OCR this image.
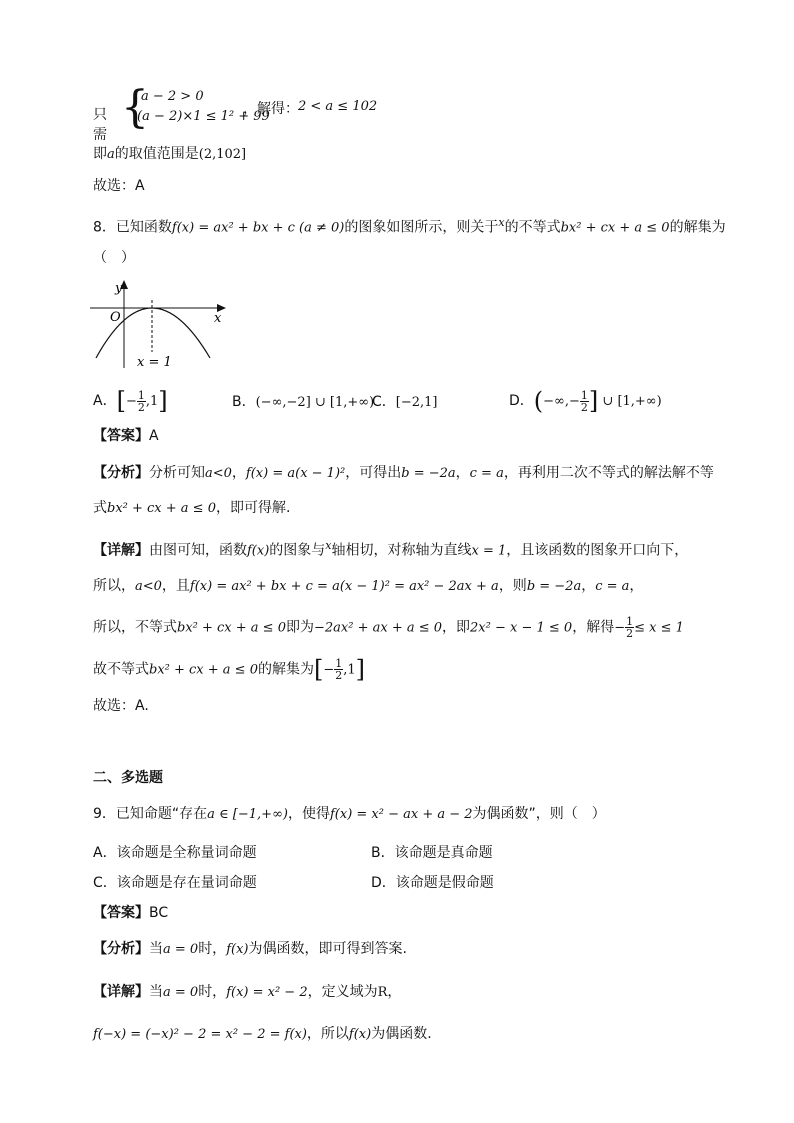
只需
{
a − 2 > 0
(a − 2)×1 ≤ 1² + 99
，解得： 2 < a ≤ 102
即a的取值范围是(2,102]
故选：A
8．已知函数f(x) = ax² + bx + c (a ≠ 0)的图象如图所示，则关于$^x$的不等式bx² + cx + a ≤ 0的解集为
（　）
y
x
O
x = 1
A．[− $\frac{1}{2} ,1$]	B．(−∞,−2] ∪ [1,+∞)
C．[−2,1]	D．(−∞,− $\frac{1}{2}$ ] ∪ [1,+∞)
【答案】A
【分析】分析可知a<0，f(x) = a(x − 1)²，可得出b = −2a，c = a，再利用二次不等式的解法解不等
式bx² + cx + a ≤ 0，即可得解.
【详解】由图可知，函数f(x)的图象与$^x$轴相切，对称轴为直线x = 1，且该函数的图象开口向下，
所以，a<0，且f(x) = ax² + bx + c = a(x − 1)² = ax² − 2ax + a，则b = −2a，c = a，
所以，不等式bx² + cx + a ≤ 0即为−2ax² + ax + a ≤ 0，即2x² − x − 1 ≤ 0，解得− $\frac{1}{2} \le x \le 1$
故不等式bx² + cx + a ≤ 0的解集为[− $\frac{1}{2} ,1$]
故选：A.
二、多选题
9．已知命题“存在a ∈ [−1,+∞)，使得f(x) = x² − ax + a − 2为偶函数”，则（　）
A．该命题是全称量词命题	B．该命题是真命题
C．该命题是存在量词命题	D．该命题是假命题
【答案】BC
【分析】当a = 0时，f(x)为偶函数，即可得到答案.
【详解】当a = 0时，f(x) = x² − 2，定义域为R，
f(−x) = (−x)² − 2 = x² − 2 = f(x)，所以f(x)为偶函数.
